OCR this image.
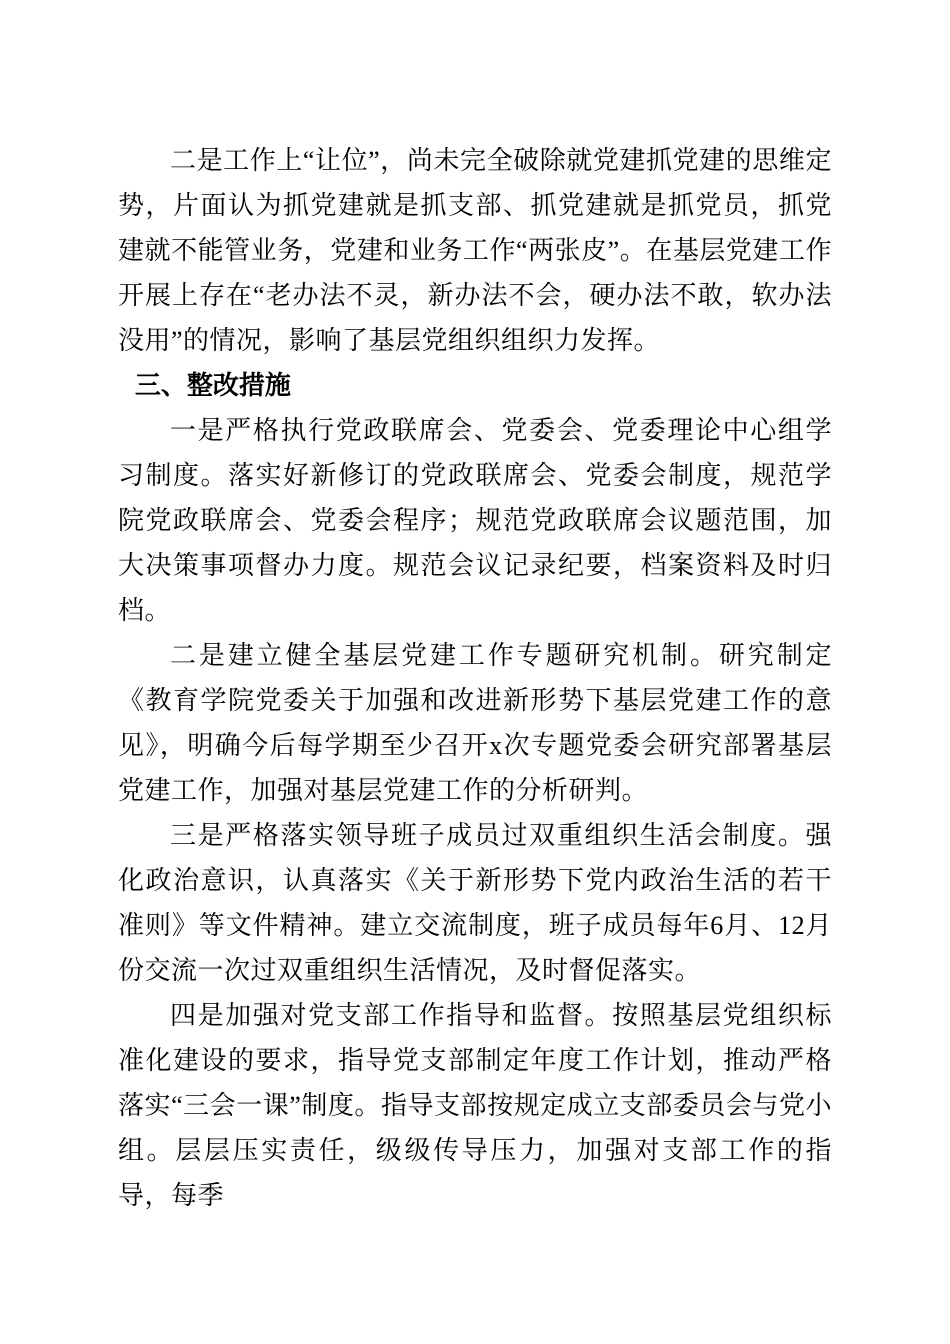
二是工作上“让位”，尚未完全破除就党建抓党建的思维定势，片面认为抓党建就是抓支部、抓党建就是抓党员，抓党建就不能管业务，党建和业务工作“两张皮”。在基层党建工作开展上存在“老办法不灵，新办法不会，硬办法不敢，软办法没用”的情况，影响了基层党组织组织力发挥。

三、整改措施

一是严格执行党政联席会、党委会、党委理论中心组学习制度。落实好新修订的党政联席会、党委会制度，规范学院党政联席会、党委会程序；规范党政联席会议题范围，加大决策事项督办力度。规范会议记录纪要，档案资料及时归档。

二是建立健全基层党建工作专题研究机制。研究制定《教育学院党委关于加强和改进新形势下基层党建工作的意见》，明确今后每学期至少召开x次专题党委会研究部署基层党建工作，加强对基层党建工作的分析研判。

三是严格落实领导班子成员过双重组织生活会制度。强化政治意识，认真落实《关于新形势下党内政治生活的若干准则》等文件精神。建立交流制度，班子成员每年6月、12月份交流一次过双重组织生活情况，及时督促落实。

四是加强对党支部工作指导和监督。按照基层党组织标准化建设的要求，指导党支部制定年度工作计划，推动严格落实“三会一课”制度。指导支部按规定成立支部委员会与党小组。层层压实责任，级级传导压力，加强对支部工作的指导，每季
